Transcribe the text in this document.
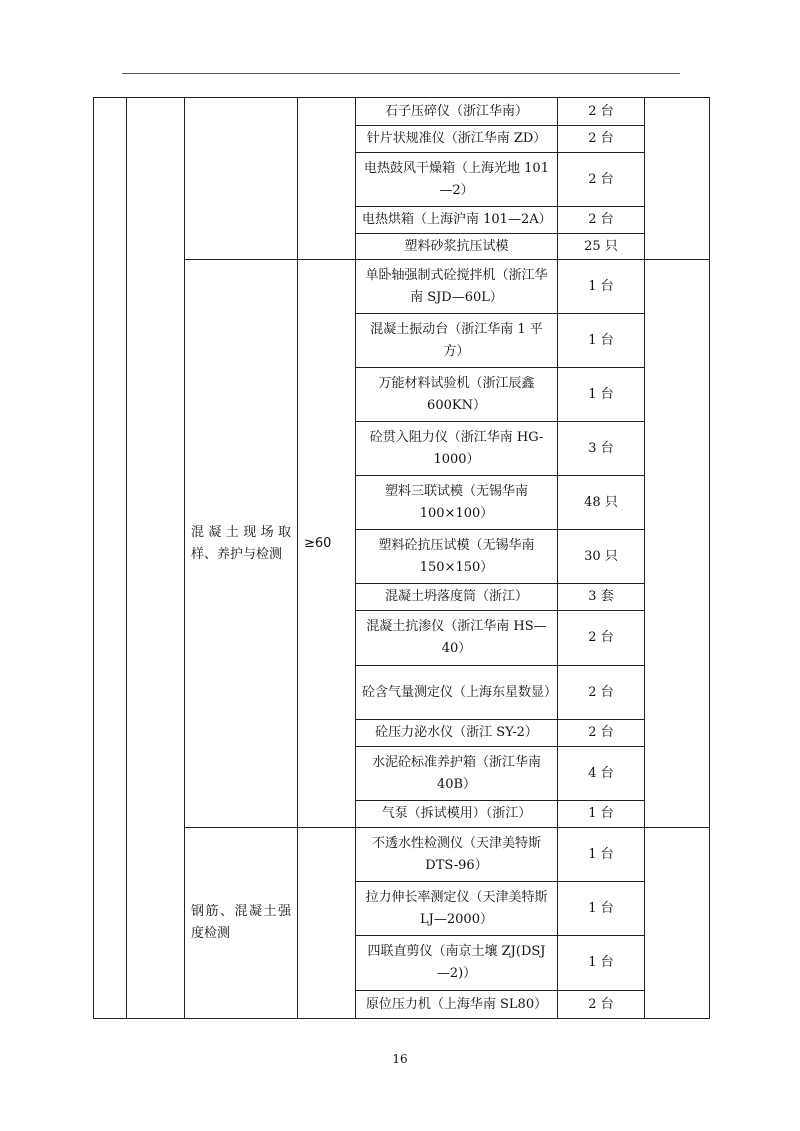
				石子压碎仪（浙江华南）	2 台	
				针片状规准仪（浙江华南 ZD）	2 台	
				电热鼓风干燥箱（上海光地 101—2）	2 台	
				电热烘箱（上海沪南 101—2A）	2 台	
				塑料砂浆抗压试模	25 只	
		混凝土现场取样、养护与检测	≥60	单卧轴强制式砼搅拌机（浙江华南 SJD—60L）	1 台	
				混凝土振动台（浙江华南 1 平方）	1 台	
				万能材料试验机（浙江辰鑫 600KN）	1 台	
				砼贯入阻力仪（浙江华南 HG-1000）	3 台	
				塑料三联试模（无锡华南 100×100）	48 只	
				塑料砼抗压试模（无锡华南 150×150）	30 只	
				混凝土坍落度筒（浙江）	3 套	
				混凝土抗渗仪（浙江华南 HS—40）	2 台	
				砼含气量测定仪（上海东星数显）	2 台	
				砼压力泌水仪（浙江 SY-2）	2 台	
				水泥砼标准养护箱（浙江华南 40B）	4 台	
				气泵（拆试模用）（浙江）	1 台	
		钢筋、混凝土强度检测		不透水性检测仪（天津美特斯 DTS-96）	1 台	
				拉力伸长率测定仪（天津美特斯 LJ—2000）	1 台	
				四联直剪仪（南京土壤 ZJ(DSJ—2)）	1 台	
				原位压力机（上海华南 SL80）	2 台	
16
